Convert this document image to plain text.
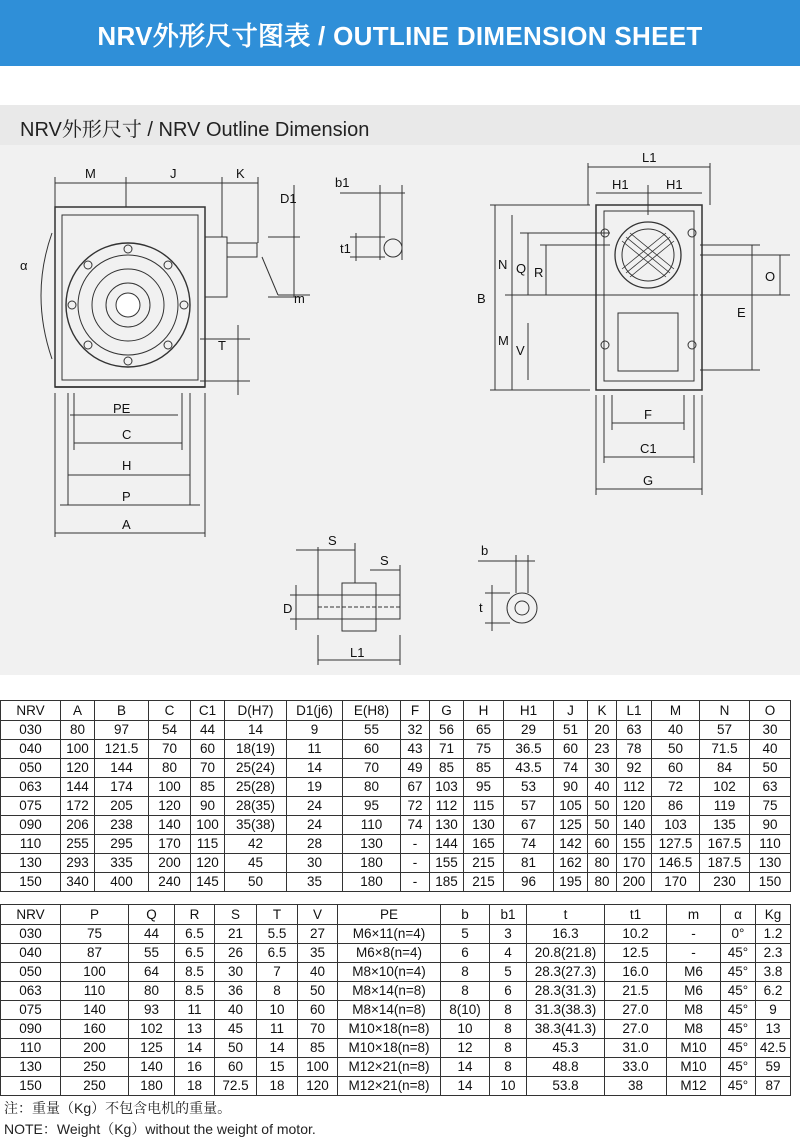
NRV外形尺寸图表 / OUTLINE DIMENSION SHEET
NRV外形尺寸 / NRV Outline Dimension
M	J	K
D1
α
m
T
PE
C
H
P
A
b1
t1
L1
H1	H1
B
N Q R
M
V
O
E
F
C1
G
S
S
D
L1
b
t
NRV	A	B	C	C1	D(H7)	D1(j6)	E(H8)	F	G	H	H1	J	K	L1	M	N	O
030	80	97	54	44	14	9	55	32	56	65	29	51	20	63	40	57	30
040	100	121.5	70	60	18(19)	11	60	43	71	75	36.5	60	23	78	50	71.5	40
050	120	144	80	70	25(24)	14	70	49	85	85	43.5	74	30	92	60	84	50
063	144	174	100	85	25(28)	19	80	67	103	95	53	90	40	112	72	102	63
075	172	205	120	90	28(35)	24	95	72	112	115	57	105	50	120	86	119	75
090	206	238	140	100	35(38)	24	110	74	130	130	67	125	50	140	103	135	90
110	255	295	170	115	42	28	130	-	144	165	74	142	60	155	127.5	167.5	110
130	293	335	200	120	45	30	180	-	155	215	81	162	80	170	146.5	187.5	130
150	340	400	240	145	50	35	180	-	185	215	96	195	80	200	170	230	150
NRV	P	Q	R	S	T	V	PE	b	b1	t	t1	m	α	Kg
030	75	44	6.5	21	5.5	27	M6×11(n=4)	5	3	16.3	10.2	-	0°	1.2
040	87	55	6.5	26	6.5	35	M6×8(n=4)	6	4	20.8(21.8)	12.5	-	45°	2.3
050	100	64	8.5	30	7	40	M8×10(n=4)	8	5	28.3(27.3)	16.0	M6	45°	3.8
063	110	80	8.5	36	8	50	M8×14(n=8)	8	6	28.3(31.3)	21.5	M6	45°	6.2
075	140	93	11	40	10	60	M8×14(n=8)	8(10)	8	31.3(38.3)	27.0	M8	45°	9
090	160	102	13	45	11	70	M10×18(n=8)	10	8	38.3(41.3)	27.0	M8	45°	13
110	200	125	14	50	14	85	M10×18(n=8)	12	8	45.3	31.0	M10	45°	42.5
130	250	140	16	60	15	100	M12×21(n=8)	14	8	48.8	33.0	M10	45°	59
150	250	180	18	72.5	18	120	M12×21(n=8)	14	10	53.8	38	M12	45°	87
注：重量（Kg）不包含电机的重量。
NOTE：Weight（Kg）without the weight of motor.
